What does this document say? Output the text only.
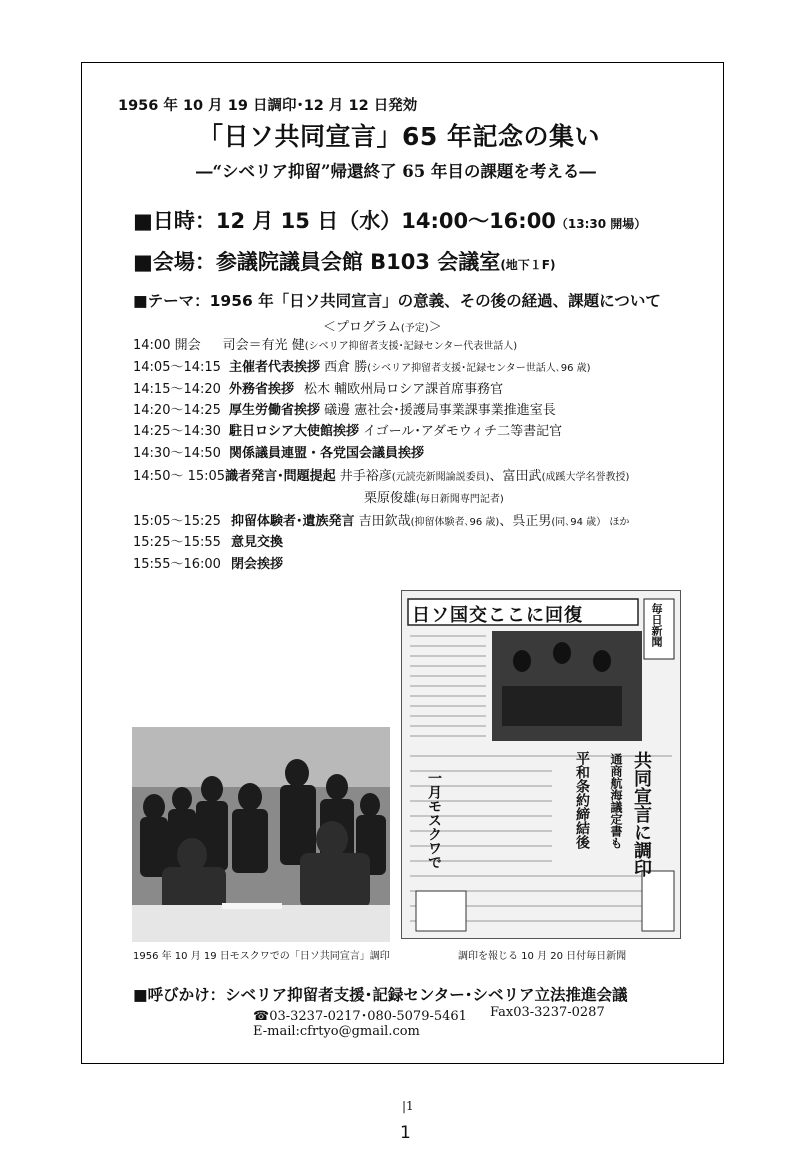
1956 年 10 月 19 日調印･12 月 12 日発効
「日ソ共同宣言」65 年記念の集い
―“シベリア抑留”帰還終了 65 年目の課題を考える―
■日時：12 月 15 日（水）14:00～16:00（13:30 開場）
■会場：参議院議員会館 B103 会議室(地下１F)
■テーマ：1956 年「日ソ共同宣言」の意義、その後の経過、課題について
＜プログラム(予定)＞
14:00 開会 司会＝有光 健(シベリア抑留者支援･記録センター代表世話人)
14:05～14:15 主催者代表挨拶 西倉 勝(シベリア抑留者支援･記録センター世話人､96 歳)
14:15～14:20 外務省挨拶 松木 輔欧州局ロシア課首席事務官
14:20～14:25 厚生労働省挨拶 礒邊 憲社会･援護局事業課事業推進室長
14:25～14:30 駐日ロシア大使館挨拶 イゴール･アダモウィチ二等書記官
14:30～14:50 関係議員連盟・各党国会議員挨拶
14:50～ 15:05識者発言･問題提起 井手裕彦(元読売新聞論説委員)、富田武(成蹊大学名誉教授)
栗原俊雄(毎日新聞専門記者)
15:05～15:25 抑留体験者･遺族発言 吉田欽哉(抑留体験者､96 歳)、呉正男(同､94 歳） ほか
15:25～15:55 意見交換
15:55～16:00 閉会挨拶
日ソ国交ここに回復	毎日新聞
共同宣言に調印
通商航海議定書も
平和条約締結後
一月モスクワで
1956 年 10 月 19 日モスクワでの「日ソ共同宣言」調印	調印を報じる 10 月 20 日付毎日新聞
■呼びかけ：シベリア抑留者支援･記録センター･シベリア立法推進会議
☎03-3237-0217･080-5079-5461 Fax03-3237-0287
E-mail:cfrtyo@gmail.com
|1
1
